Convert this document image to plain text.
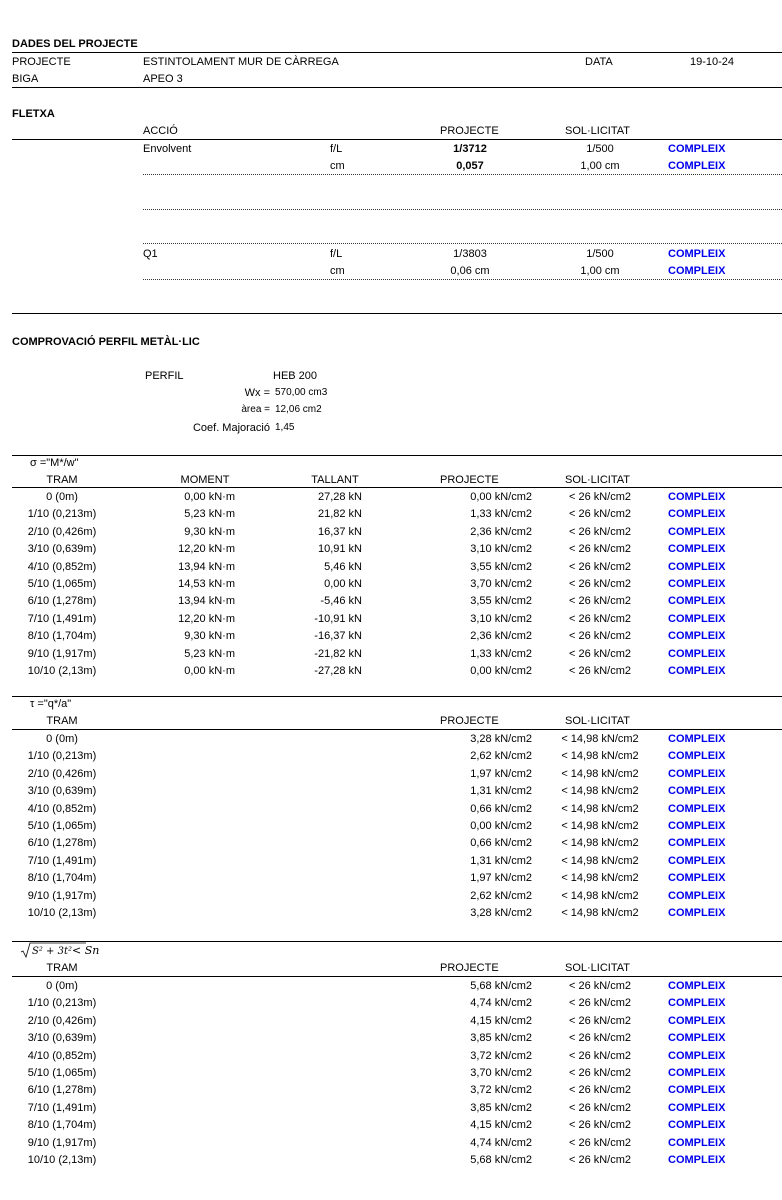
DADES DEL PROJECTE
PROJECTE	ESTINTOLAMENT MUR DE CÀRREGA	DATA	19-10-24
BIGA	APEO 3
FLETXA
ACCIÓ	PROJECTE	SOL·LICITAT
Envolvent	f/L	1/3712	1/500	COMPLEIX
cm	0,057	1,00 cm	COMPLEIX
Q1	f/L	1/3803	1/500	COMPLEIX
cm	0,06 cm	1,00 cm	COMPLEIX
COMPROVACIÓ PERFIL METÀL·LIC
PERFIL	HEB 200
Wx = 570,00 cm3
àrea = 12,06 cm2
Coef. Majoració 1,45
σ ="M*/w"
TRAM	MOMENT	TALLANT	PROJECTE	SOL·LICITAT
0 (0m)	0,00 kN·m	27,28 kN	0,00 kN/cm2	< 26 kN/cm2	COMPLEIX
1/10 (0,213m)	5,23 kN·m	21,82 kN	1,33 kN/cm2	< 26 kN/cm2	COMPLEIX
2/10 (0,426m)	9,30 kN·m	16,37 kN	2,36 kN/cm2	< 26 kN/cm2	COMPLEIX
3/10 (0,639m)	12,20 kN·m	10,91 kN	3,10 kN/cm2	< 26 kN/cm2	COMPLEIX
4/10 (0,852m)	13,94 kN·m	5,46 kN	3,55 kN/cm2	< 26 kN/cm2	COMPLEIX
5/10 (1,065m)	14,53 kN·m	0,00 kN	3,70 kN/cm2	< 26 kN/cm2	COMPLEIX
6/10 (1,278m)	13,94 kN·m	-5,46 kN	3,55 kN/cm2	< 26 kN/cm2	COMPLEIX
7/10 (1,491m)	12,20 kN·m	-10,91 kN	3,10 kN/cm2	< 26 kN/cm2	COMPLEIX
8/10 (1,704m)	9,30 kN·m	-16,37 kN	2,36 kN/cm2	< 26 kN/cm2	COMPLEIX
9/10 (1,917m)	5,23 kN·m	-21,82 kN	1,33 kN/cm2	< 26 kN/cm2	COMPLEIX
10/10 (2,13m)	0,00 kN·m	-27,28 kN	0,00 kN/cm2	< 26 kN/cm2	COMPLEIX
τ ="q*/a"
TRAM	PROJECTE	SOL·LICITAT
0 (0m)	3,28 kN/cm2	< 14,98 kN/cm2	COMPLEIX
1/10 (0,213m)	2,62 kN/cm2	< 14,98 kN/cm2	COMPLEIX
2/10 (0,426m)	1,97 kN/cm2	< 14,98 kN/cm2	COMPLEIX
3/10 (0,639m)	1,31 kN/cm2	< 14,98 kN/cm2	COMPLEIX
4/10 (0,852m)	0,66 kN/cm2	< 14,98 kN/cm2	COMPLEIX
5/10 (1,065m)	0,00 kN/cm2	< 14,98 kN/cm2	COMPLEIX
6/10 (1,278m)	0,66 kN/cm2	< 14,98 kN/cm2	COMPLEIX
7/10 (1,491m)	1,31 kN/cm2	< 14,98 kN/cm2	COMPLEIX
8/10 (1,704m)	1,97 kN/cm2	< 14,98 kN/cm2	COMPLEIX
9/10 (1,917m)	2,62 kN/cm2	< 14,98 kN/cm2	COMPLEIX
10/10 (2,13m)	3,28 kN/cm2	< 14,98 kN/cm2	COMPLEIX
S² + 3t² < Sn
TRAM	PROJECTE	SOL·LICITAT
0 (0m)	5,68 kN/cm2	< 26 kN/cm2	COMPLEIX
1/10 (0,213m)	4,74 kN/cm2	< 26 kN/cm2	COMPLEIX
2/10 (0,426m)	4,15 kN/cm2	< 26 kN/cm2	COMPLEIX
3/10 (0,639m)	3,85 kN/cm2	< 26 kN/cm2	COMPLEIX
4/10 (0,852m)	3,72 kN/cm2	< 26 kN/cm2	COMPLEIX
5/10 (1,065m)	3,70 kN/cm2	< 26 kN/cm2	COMPLEIX
6/10 (1,278m)	3,72 kN/cm2	< 26 kN/cm2	COMPLEIX
7/10 (1,491m)	3,85 kN/cm2	< 26 kN/cm2	COMPLEIX
8/10 (1,704m)	4,15 kN/cm2	< 26 kN/cm2	COMPLEIX
9/10 (1,917m)	4,74 kN/cm2	< 26 kN/cm2	COMPLEIX
10/10 (2,13m)	5,68 kN/cm2	< 26 kN/cm2	COMPLEIX
